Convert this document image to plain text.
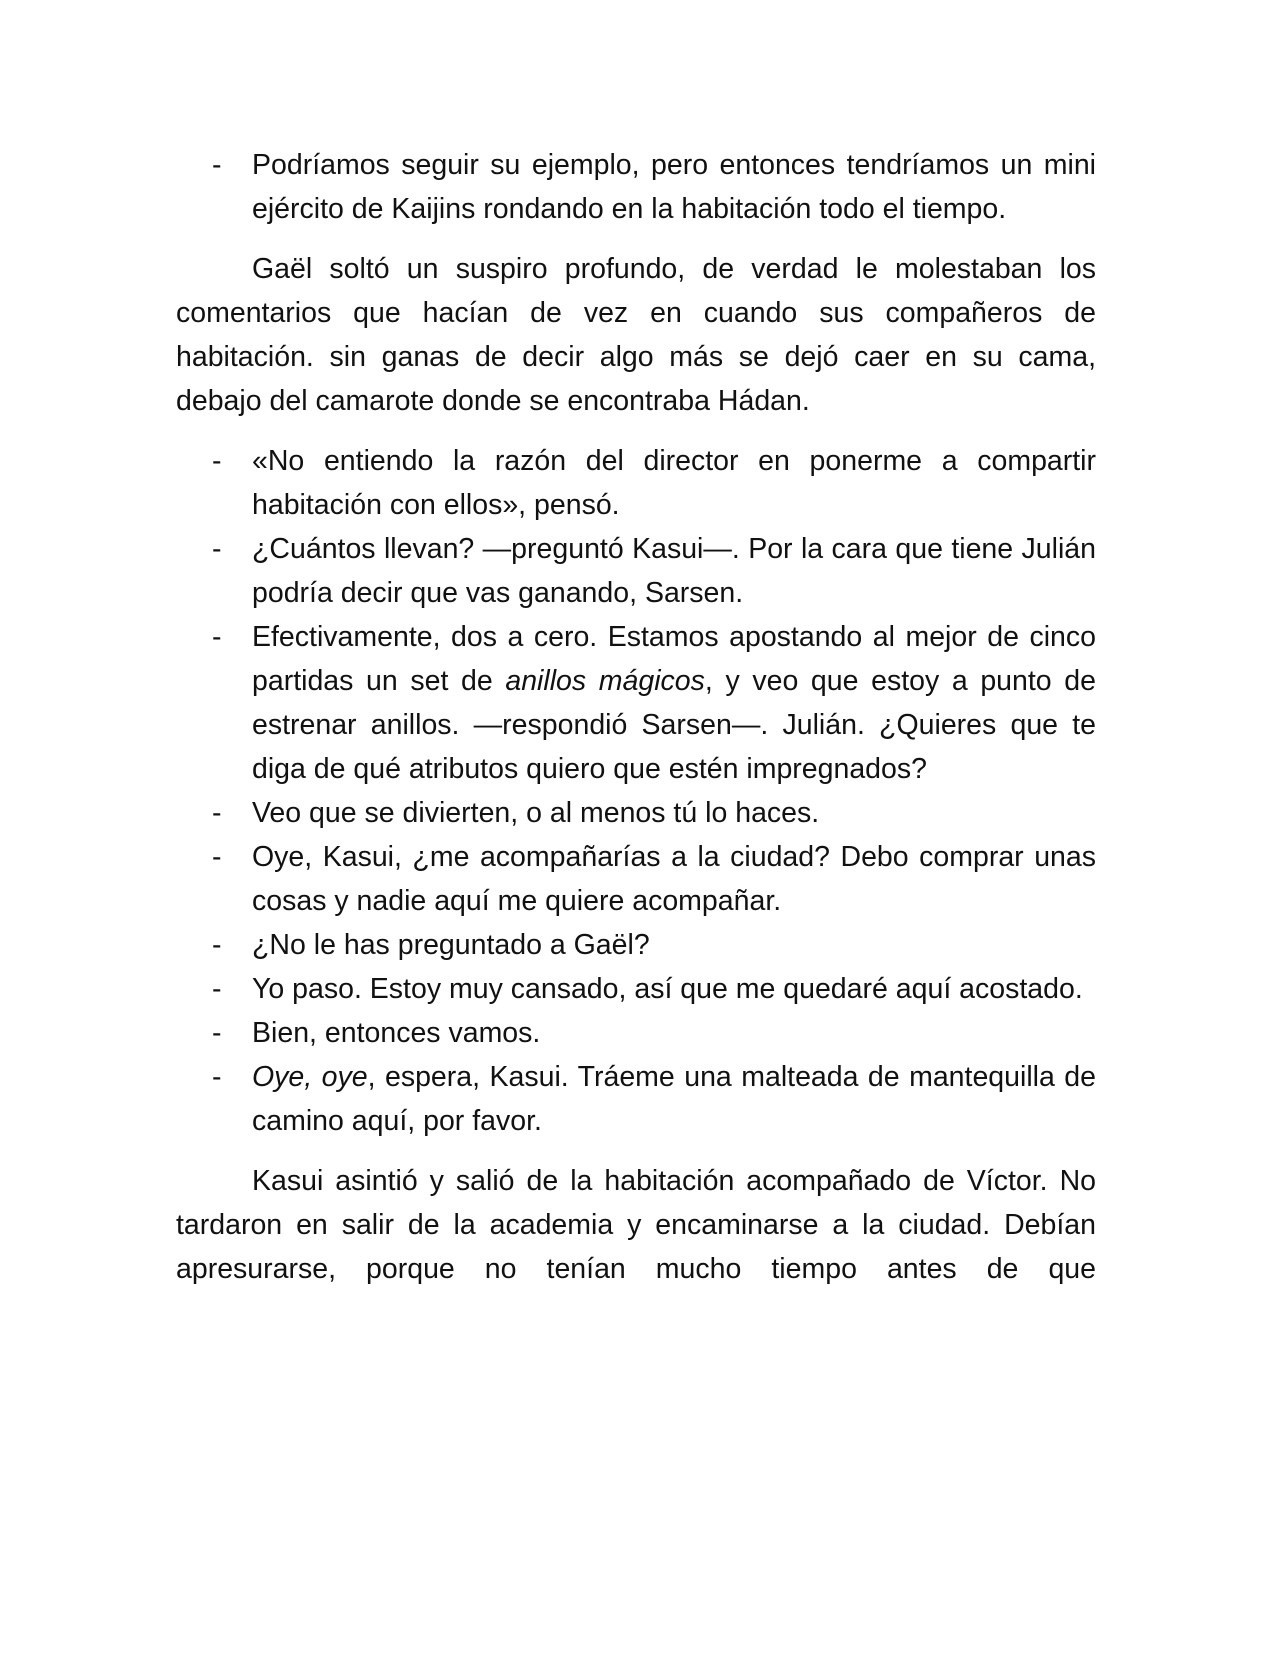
- Podríamos seguir su ejemplo, pero entonces tendríamos un mini ejército de Kaijins rondando en la habitación todo el tiempo.

Gaël soltó un suspiro profundo, de verdad le molestaban los comentarios que hacían de vez en cuando sus compañeros de habitación. sin ganas de decir algo más se dejó caer en su cama, debajo del camarote donde se encontraba Hádan.

- «No entiendo la razón del director en ponerme a compartir habitación con ellos», pensó.
- ¿Cuántos llevan? —preguntó Kasui—. Por la cara que tiene Julián podría decir que vas ganando, Sarsen.
- Efectivamente, dos a cero. Estamos apostando al mejor de cinco partidas un set de anillos mágicos, y veo que estoy a punto de estrenar anillos. —respondió Sarsen—. Julián. ¿Quieres que te diga de qué atributos quiero que estén impregnados?
- Veo que se divierten, o al menos tú lo haces.
- Oye, Kasui, ¿me acompañarías a la ciudad? Debo comprar unas cosas y nadie aquí me quiere acompañar.
- ¿No le has preguntado a Gaël?
- Yo paso. Estoy muy cansado, así que me quedaré aquí acostado.
- Bien, entonces vamos.
- Oye, oye, espera, Kasui. Tráeme una malteada de mantequilla de camino aquí, por favor.

Kasui asintió y salió de la habitación acompañado de Víctor. No tardaron en salir de la academia y encaminarse a la ciudad. Debían apresurarse, porque no tenían mucho tiempo antes de que
